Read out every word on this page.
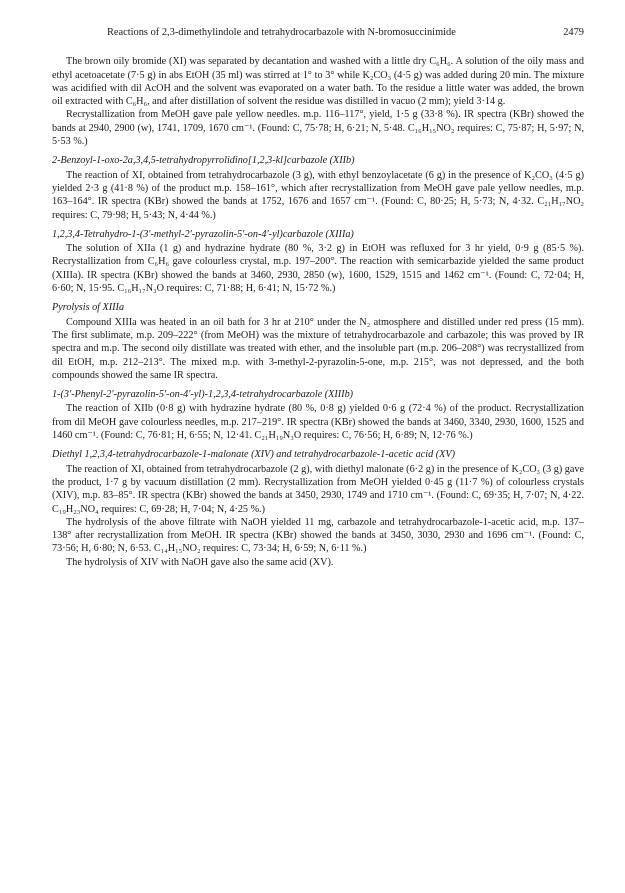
Reactions of 2,3-dimethylindole and tetrahydrocarbazole with N-bromosuccinimide	2479

The brown oily bromide (XI) was separated by decantation and washed with a little dry C₆H₆. A solution of the oily mass and ethyl acetoacetate (7·5 g) in abs EtOH (35 ml) was stirred at 1° to 3° while K₂CO₃ (4·5 g) was added during 20 min. The mixture was acidified with dil AcOH and the solvent was evaporated on a water bath. To the residue a little water was added, the brown oil extracted with C₆H₆, and after distillation of solvent the residue was distilled in vacuo (2 mm); yield 3·14 g.

Recrystallization from MeOH gave pale yellow needles. m.p. 116–117°, yield, 1·5 g (33·8 %). IR spectra (KBr) showed the bands at 2940, 2900 (w), 1741, 1709, 1670 cm⁻¹. (Found: C, 75·78; H, 6·21; N, 5·48. C₁₆H₁₅NO₂ requires: C, 75·87; H, 5·97; N, 5·53 %.)

2-Benzoyl-1-oxo-2a,3,4,5-tetrahydropyrrolidino[1,2,3-kl]carbazole (XIIb)

The reaction of XI, obtained from tetrahydrocarbazole (3 g), with ethyl benzoylacetate (6 g) in the presence of K₂CO₃ (4·5 g) yielded 2·3 g (41·8 %) of the product m.p. 158–161°, which after recrystallization from MeOH gave pale yellow needles, m.p. 163–164°. IR spectra (KBr) showed the bands at 1752, 1676 and 1657 cm⁻¹. (Found: C, 80·25; H, 5·73; N, 4·32. C₂₁H₁₇NO₂ requires: C, 79·98; H, 5·43; N, 4·44 %.)

1,2,3,4-Tetrahydro-1-(3′-methyl-2′-pyrazolin-5′-on-4′-yl)carbazole (XIIIa)

The solution of XIIa (1 g) and hydrazine hydrate (80 %, 3·2 g) in EtOH was refluxed for 3 hr yield, 0·9 g (85·5 %). Recrystallization from C₆H₆ gave colourless crystal, m.p. 197–200°. The reaction with semicarbazide yielded the same product (XIIIa). IR spectra (KBr) showed the bands at 3460, 2930, 2850 (w), 1600, 1529, 1515 and 1462 cm⁻¹. (Found: C, 72·04; H, 6·60; N, 15·95. C₁₆H₁₇N₃O requires: C, 71·88; H, 6·41; N, 15·72 %.)

Pyrolysis of XIIIa

Compound XIIIa was heated in an oil bath for 3 hr at 210° under the N₂ atmosphere and distilled under red press (15 mm). The first sublimate, m.p. 209–222° (from MeOH) was the mixture of tetrahydrocarbazole and carbazole; this was proved by IR spectra and m.p. The second oily distillate was treated with ether, and the insoluble part (m.p. 206–208°) was recrystallized from dil EtOH, m.p. 212–213°. The mixed m.p. with 3-methyl-2-pyrazolin-5-one, m.p. 215°, was not depressed, and the both compounds showed the same IR spectra.

1-(3′-Phenyl-2′-pyrazolin-5′-on-4′-yl)-1,2,3,4-tetrahydrocarbazole (XIIIb)

The reaction of XIIb (0·8 g) with hydrazine hydrate (80 %, 0·8 g) yielded 0·6 g (72·4 %) of the product. Recrystallization from dil MeOH gave colourless needles, m.p. 217–219°. IR spectra (KBr) showed the bands at 3460, 3340, 2930, 1600, 1525 and 1460 cm⁻¹. (Found: C, 76·81; H, 6·55; N, 12·41. C₂₁H₁₉N₃O requires: C, 76·56; H, 6·89; N, 12·76 %.)

Diethyl 1,2,3,4-tetrahydrocarbazole-1-malonate (XIV) and tetrahydrocarbazole-1-acetic acid (XV)

The reaction of XI, obtained from tetrahydrocarbazole (2 g), with diethyl malonate (6·2 g) in the presence of K₂CO₃ (3 g) gave the product, 1·7 g by vacuum distillation (2 mm). Recrystallization from MeOH yielded 0·45 g (11·7 %) of colourless crystals (XIV), m.p. 83–85°. IR spectra (KBr) showed the bands at 3450, 2930, 1749 and 1710 cm⁻¹. (Found: C, 69·35; H, 7·07; N, 4·22. C₁₉H₂₃NO₄ requires: C, 69·28; H, 7·04; N, 4·25 %.)

The hydrolysis of the above filtrate with NaOH yielded 11 mg, carbazole and tetrahydrocarbazole-1-acetic acid, m.p. 137–138° after recrystallization from MeOH. IR spectra (KBr) showed the bands at 3450, 3030, 2930 and 1696 cm⁻¹. (Found: C, 73·56; H, 6·80; N, 6·53. C₁₄H₁₅NO₂ requires: C, 73·34; H, 6·59; N, 6·11 %.)

The hydrolysis of XIV with NaOH gave also the same acid (XV).
